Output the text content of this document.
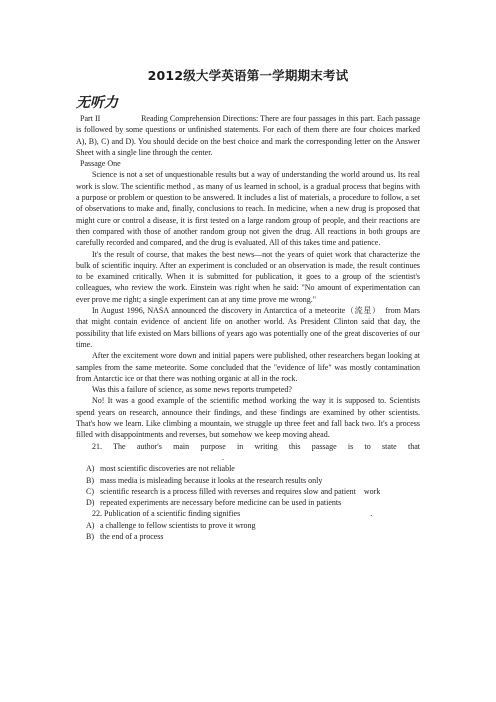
2012级大学英语第一学期期末考试
无听力

Part II　　　　　Reading Comprehension Directions: There are four passages in this part. Each passage is followed by some questions or unfinished statements. For each of them there are four choices marked A), B), C) and D). You should decide on the best choice and mark the corresponding letter on the Answer Sheet with a single line through the center.

Passage One

Science is not a set of unquestionable results but a way of understanding the world around us. Its real work is slow. The scientific method , as many of us learned in school, is a gradual process that begins with a purpose or problem or question to be answered. It includes a list of materials, a procedure to follow, a set of observations to make and, finally, conclusions to reach. In medicine, when a new drug is proposed that might cure or control a disease, it is first tested on a large random group of people, and their reactions are then compared with those of another random group not given the drug. All reactions in both groups are carefully recorded and compared, and the drug is evaluated. All of this takes time and patience.

It's the result of course, that makes the best news—not the years of quiet work that characterize the bulk of scientific inquiry. After an experiment is concluded or an observation is made, the result continues to be examined critically. When it is submitted for publication, it goes to a group of the scientist's colleagues, who review the work. Einstein was right when he said: "No amount of experimentation can ever prove me right; a single experiment can at any time prove me wrong."

In August 1996, NASA announced the discovery in Antarctica of a meteorite（流星）　from Mars that might contain evidence of ancient life on another world. As President Clinton said that day, the possibility that life existed on Mars billions of years ago was potentially one of the great discoveries of our time.

After the excitement wore down and initial papers were published, other researchers began looking at samples from the same meteorite. Some concluded that the "evidence of life" was mostly contamination from Antarctic ice or that there was nothing organic at all in the rock.

Was this a failure of science, as some news reports trumpeted?

No! It was a good example of the scientific method working the way it is supposed to. Scientists spend years on research, announce their findings, and these findings are examined by other scientists. That's how we learn. Like climbing a mountain, we struggle up three feet and fall back two. It's a process filled with disappointments and reverses, but somehow we keep moving ahead.

21. The author's main purpose in writing this passage is to state that.

A) most scientific discoveries are not reliable

B) mass media is misleading because it looks at the research results only

C) scientific research is a process filled with reverses and requires slow and patient　work

D) repeated experiments are necessary before medicine can be used in patients

22. Publication of a scientific finding signifies	.

A) a challenge to fellow scientists to prove it wrong

B) the end of a process
